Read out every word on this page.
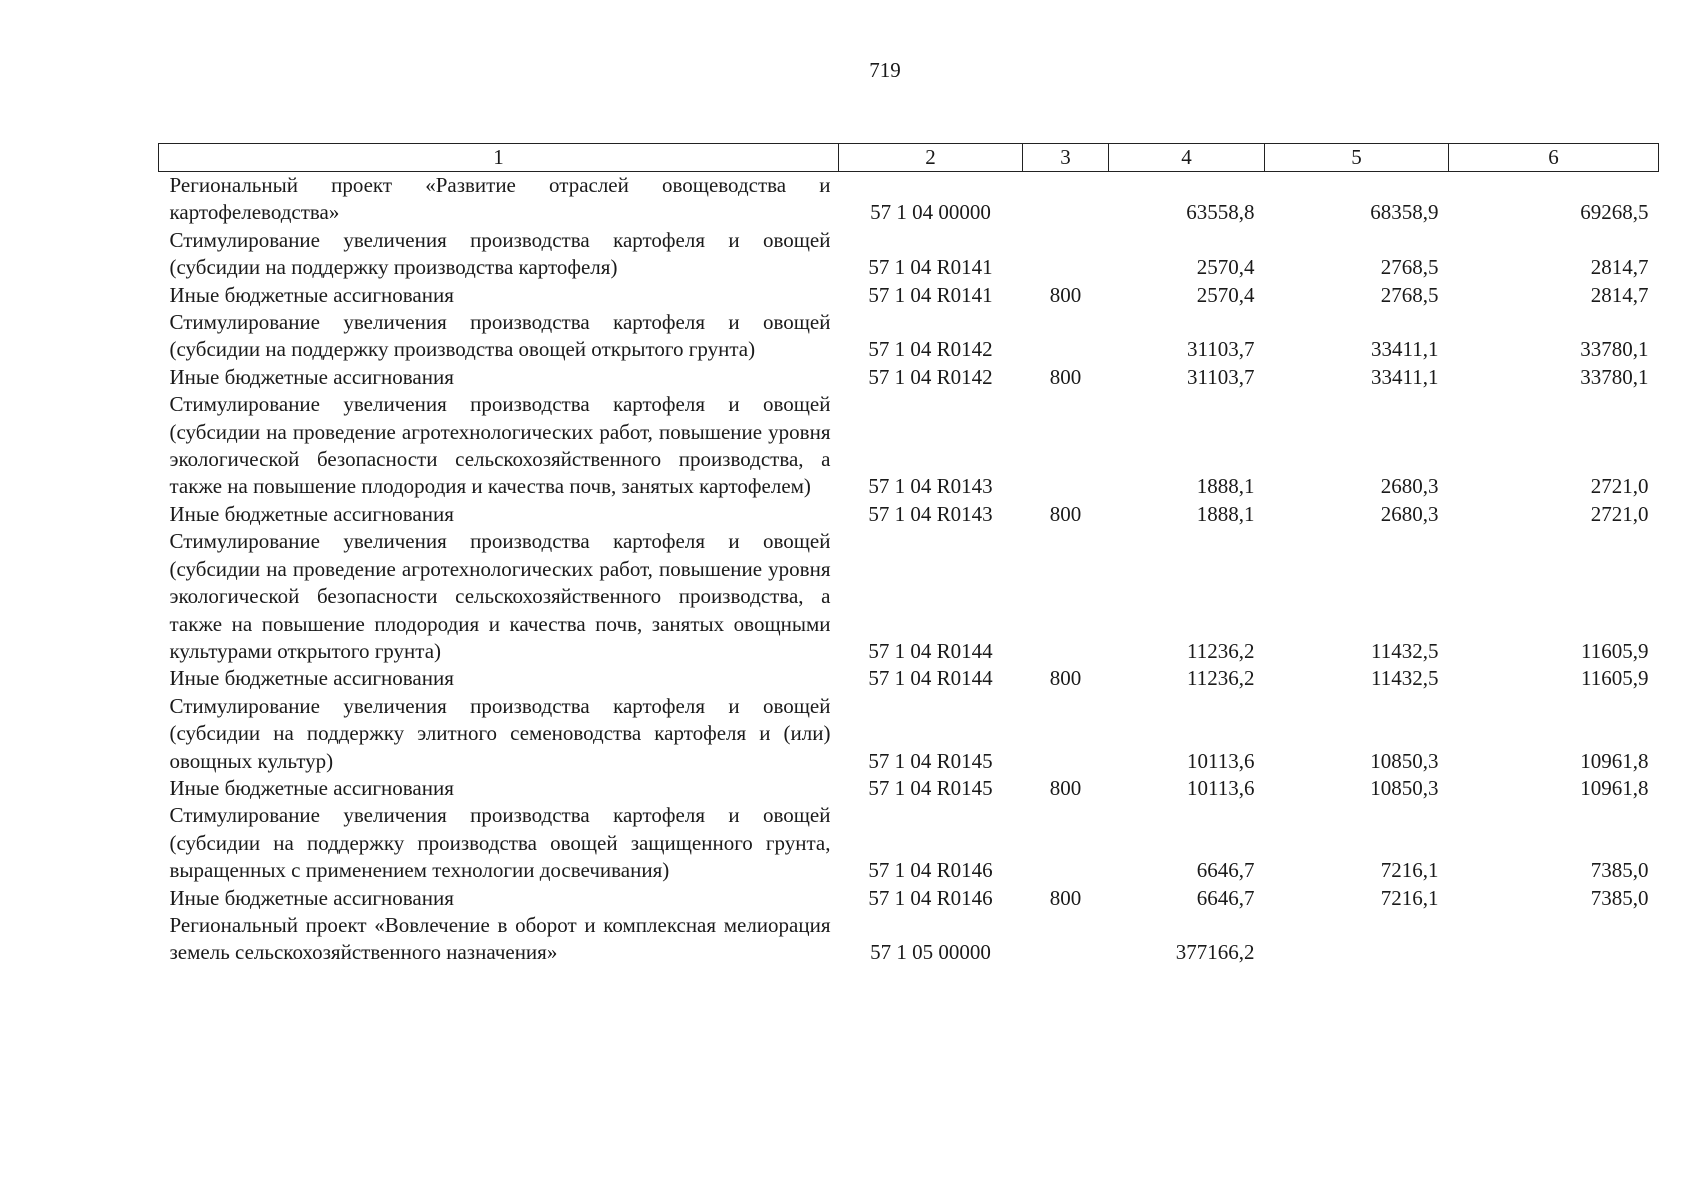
719
1	2	3	4	5	6
Региональный проект «Развитие отраслей овощеводства и картофелеводства»	57 1 04 00000		63558,8	68358,9	69268,5
Стимулирование увеличения производства картофеля и овощей (субсидии на поддержку производства картофеля)	57 1 04 R0141		2570,4	2768,5	2814,7
Иные бюджетные ассигнования	57 1 04 R0141	800	2570,4	2768,5	2814,7
Стимулирование увеличения производства картофеля и овощей (субсидии на поддержку производства овощей открытого грунта)	57 1 04 R0142		31103,7	33411,1	33780,1
Иные бюджетные ассигнования	57 1 04 R0142	800	31103,7	33411,1	33780,1
Стимулирование увеличения производства картофеля и овощей (субсидии на проведение агротехнологических работ, повышение уровня экологической безопасности сельскохозяйственного производства, а также на повышение плодородия и качества почв, занятых картофелем)	57 1 04 R0143		1888,1	2680,3	2721,0
Иные бюджетные ассигнования	57 1 04 R0143	800	1888,1	2680,3	2721,0
Стимулирование увеличения производства картофеля и овощей (субсидии на проведение агротехнологических работ, повышение уровня экологической безопасности сельскохозяйственного производства, а также на повышение плодородия и качества почв, занятых овощными культурами открытого грунта)	57 1 04 R0144		11236,2	11432,5	11605,9
Иные бюджетные ассигнования	57 1 04 R0144	800	11236,2	11432,5	11605,9
Стимулирование увеличения производства картофеля и овощей (субсидии на поддержку элитного семеноводства картофеля и (или) овощных культур)	57 1 04 R0145		10113,6	10850,3	10961,8
Иные бюджетные ассигнования	57 1 04 R0145	800	10113,6	10850,3	10961,8
Стимулирование увеличения производства картофеля и овощей (субсидии на поддержку производства овощей защищенного грунта, выращенных с применением технологии досвечивания)	57 1 04 R0146		6646,7	7216,1	7385,0
Иные бюджетные ассигнования	57 1 04 R0146	800	6646,7	7216,1	7385,0
Региональный проект «Вовлечение в оборот и комплексная мелиорация земель сельскохозяйственного назначения»	57 1 05 00000		377166,2		
